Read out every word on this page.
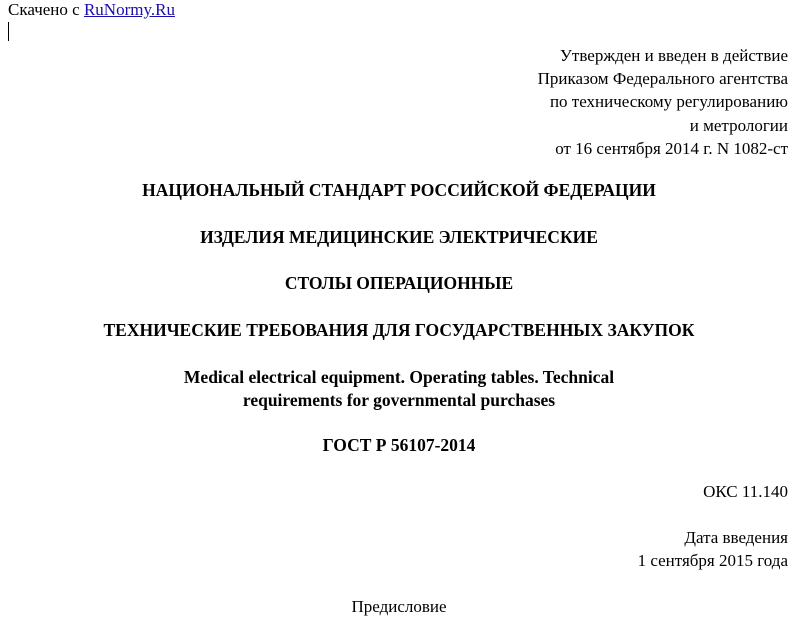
Скачено с RuNormy.Ru
Утвержден и введен в действие
Приказом Федерального агентства
по техническому регулированию
и метрологии
от 16 сентября 2014 г. N 1082-ст
НАЦИОНАЛЬНЫЙ СТАНДАРТ РОССИЙСКОЙ ФЕДЕРАЦИИ
ИЗДЕЛИЯ МЕДИЦИНСКИЕ ЭЛЕКТРИЧЕСКИЕ
СТОЛЫ ОПЕРАЦИОННЫЕ
ТЕХНИЧЕСКИЕ ТРЕБОВАНИЯ ДЛЯ ГОСУДАРСТВЕННЫХ ЗАКУПОК
Medical electrical equipment. Operating tables. Technical
requirements for governmental purchases
ГОСТ Р 56107-2014
ОКС 11.140
Дата введения
1 сентября 2015 года
Предисловие
